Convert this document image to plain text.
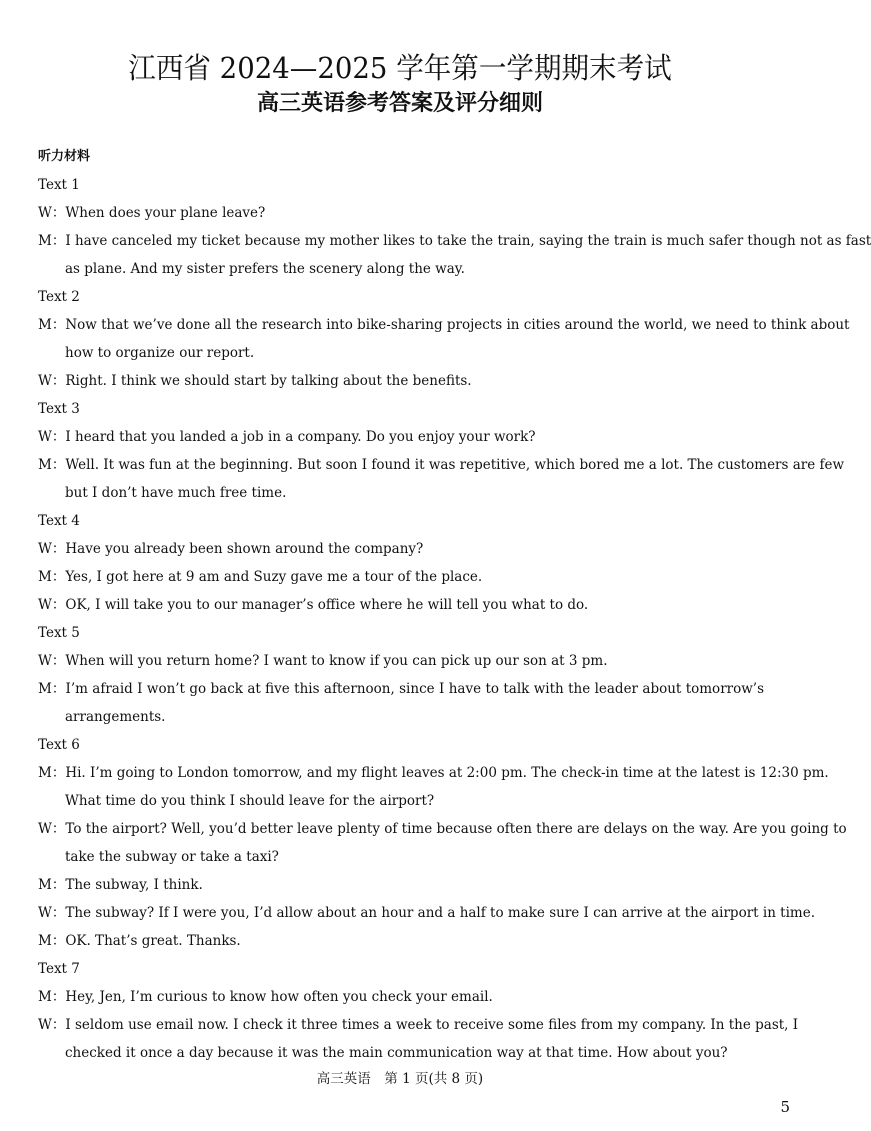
江西省 2024—2025 学年第一学期期末考试
高三英语参考答案及评分细则
听力材料
Text 1
W：When does your plane leave?
M：I have canceled my ticket because my mother likes to take the train, saying the train is much safer though not as fast
as plane. And my sister prefers the scenery along the way.
Text 2
M：Now that we’ve done all the research into bike-sharing projects in cities around the world, we need to think about
how to organize our report.
W：Right. I think we should start by talking about the benefits.
Text 3
W：I heard that you landed a job in a company. Do you enjoy your work?
M：Well. It was fun at the beginning. But soon I found it was repetitive, which bored me a lot. The customers are few
but I don’t have much free time.
Text 4
W：Have you already been shown around the company?
M：Yes, I got here at 9 am and Suzy gave me a tour of the place.
W：OK, I will take you to our manager’s office where he will tell you what to do.
Text 5
W：When will you return home? I want to know if you can pick up our son at 3 pm.
M：I’m afraid I won’t go back at five this afternoon, since I have to talk with the leader about tomorrow’s
arrangements.
Text 6
M：Hi. I’m going to London tomorrow, and my flight leaves at 2:00 pm. The check-in time at the latest is 12:30 pm.
What time do you think I should leave for the airport?
W：To the airport? Well, you’d better leave plenty of time because often there are delays on the way. Are you going to
take the subway or take a taxi?
M：The subway, I think.
W：The subway? If I were you, I’d allow about an hour and a half to make sure I can arrive at the airport in time.
M：OK. That’s great. Thanks.
Text 7
M：Hey, Jen, I’m curious to know how often you check your email.
W：I seldom use email now. I check it three times a week to receive some files from my company. In the past, I
checked it once a day because it was the main communication way at that time. How about you?
高三英语　第 1 页(共 8 页)
5
